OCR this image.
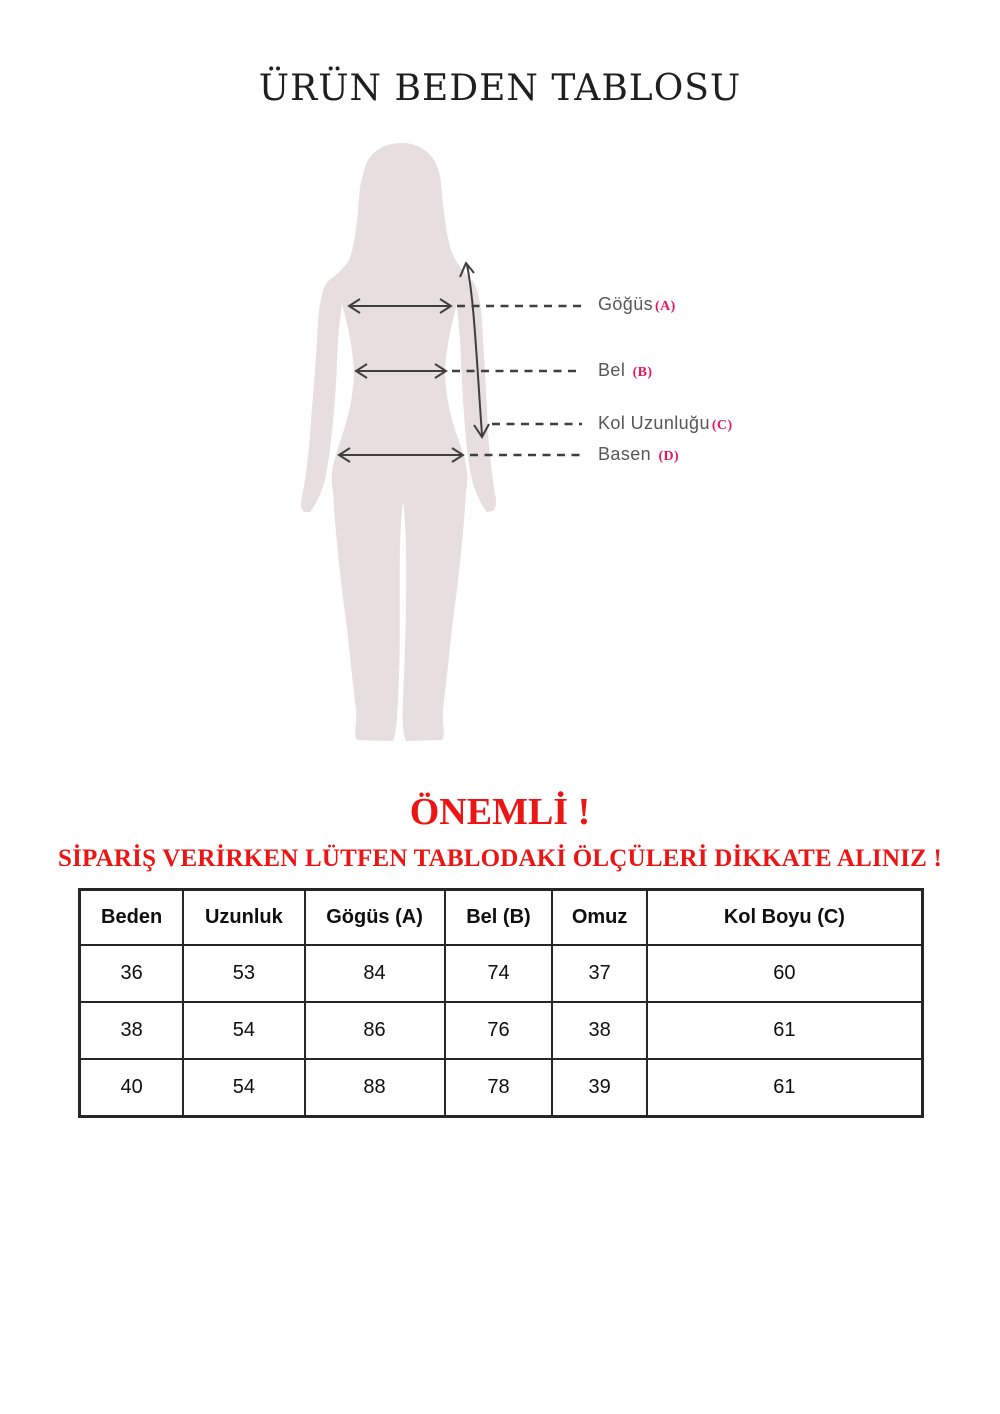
ÜRÜN BEDEN TABLOSU
Göğüs (A)
Bel (B)
Kol Uzunluğu (C)
Basen (D)
ÖNEMLİ !
SİPARİŞ VERİRKEN LÜTFEN TABLODAKİ ÖLÇÜLERİ DİKKATE ALINIZ !
Beden	Uzunluk	Gögüs (A)	Bel (B)	Omuz	Kol Boyu (C)
36	53	84	74	37	60
38	54	86	76	38	61
40	54	88	78	39	61
